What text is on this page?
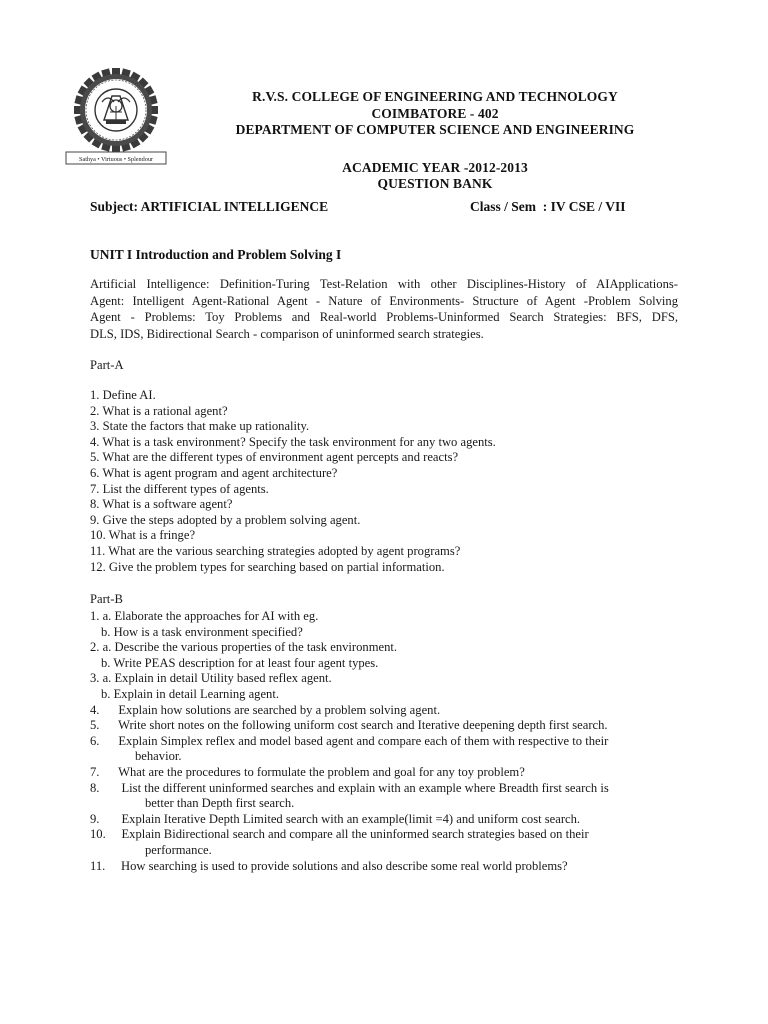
Sathya • Virtuous • Splendour
R.V.S. COLLEGE OF ENGINEERING AND TECHNOLOGY
COIMBATORE - 402
DEPARTMENT OF COMPUTER SCIENCE AND ENGINEERING
ACADEMIC YEAR -2012-2013
QUESTION BANK
Subject: ARTIFICIAL INTELLIGENCE	Class / Sem  : IV CSE / VII
UNIT I Introduction and Problem Solving I
Artificial Intelligence: Definition-Turing Test-Relation with other Disciplines-History of AIApplications-
Agent: Intelligent Agent-Rational Agent - Nature of Environments- Structure of Agent -Problem Solving
Agent - Problems: Toy Problems and Real-world Problems-Uninformed Search Strategies: BFS, DFS,
DLS, IDS, Bidirectional Search - comparison of uninformed search strategies.
Part-A
1. Define AI.
2. What is a rational agent?
3. State the factors that make up rationality.
4. What is a task environment? Specify the task environment for any two agents.
5. What are the different types of environment agent percepts and reacts?
6. What is agent program and agent architecture?
7. List the different types of agents.
8. What is a software agent?
9. Give the steps adopted by a problem solving agent.
10. What is a fringe?
11. What are the various searching strategies adopted by agent programs?
12. Give the problem types for searching based on partial information.
Part-B
1. a. Elaborate the approaches for AI with eg.
b. How is a task environment specified?
2. a. Describe the various properties of the task environment.
b. Write PEAS description for at least four agent types.
3. a. Explain in detail Utility based reflex agent.
b. Explain in detail Learning agent.
4.      Explain how solutions are searched by a problem solving agent.
5.      Write short notes on the following uniform cost search and Iterative deepening depth first search.
6.      Explain Simplex reflex and model based agent and compare each of them with respective to their
behavior.
7.      What are the procedures to formulate the problem and goal for any toy problem?
8.       List the different uninformed searches and explain with an example where Breadth first search is
better than Depth first search.
9.       Explain Iterative Depth Limited search with an example(limit =4) and uniform cost search.
10.     Explain Bidirectional search and compare all the uninformed search strategies based on their
performance.
11.     How searching is used to provide solutions and also describe some real world problems?
